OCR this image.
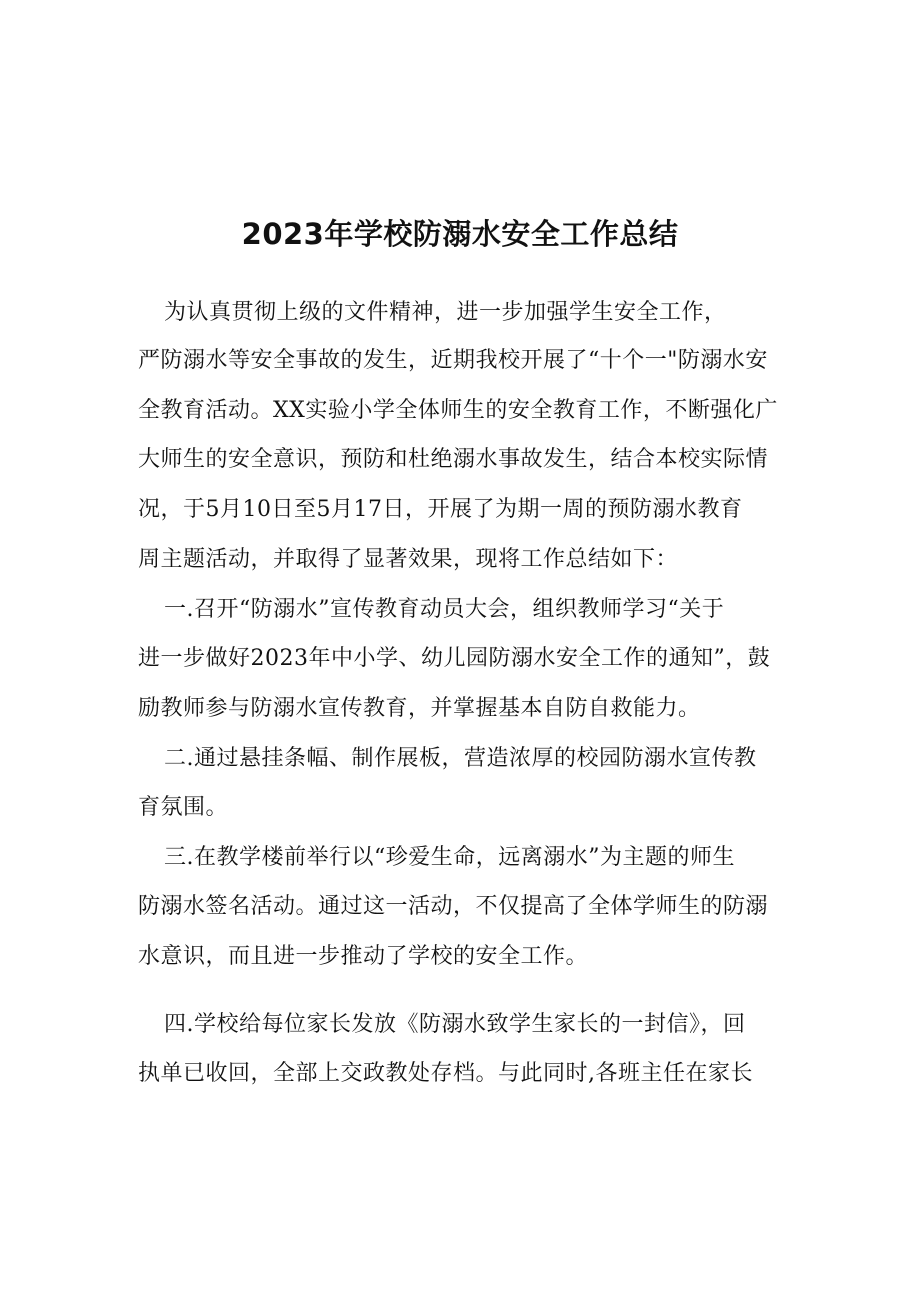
2023年学校防溺水安全工作总结
为认真贯彻上级的文件精神，进一步加强学生安全工作，
严防溺水等安全事故的发生，近期我校开展了“十个一"防溺水安
全教育活动。XX实验小学全体师生的安全教育工作，不断强化广
大师生的安全意识，预防和杜绝溺水事故发生，结合本校实际情
况，于5月10日至5月17日，开展了为期一周的预防溺水教育
周主题活动，并取得了显著效果，现将工作总结如下：
一.召开“防溺水”宣传教育动员大会，组织教师学习“关于
进一步做好2023年中小学、幼儿园防溺水安全工作的通知”，鼓
励教师参与防溺水宣传教育，并掌握基本自防自救能力。
二.通过悬挂条幅、制作展板，营造浓厚的校园防溺水宣传教
育氛围。
三.在教学楼前举行以“珍爱生命，远离溺水”为主题的师生
防溺水签名活动。通过这一活动，不仅提高了全体学师生的防溺
水意识，而且进一步推动了学校的安全工作。
四.学校给每位家长发放《防溺水致学生家长的一封信》，回
执单已收回，全部上交政教处存档。与此同时,各班主任在家长
